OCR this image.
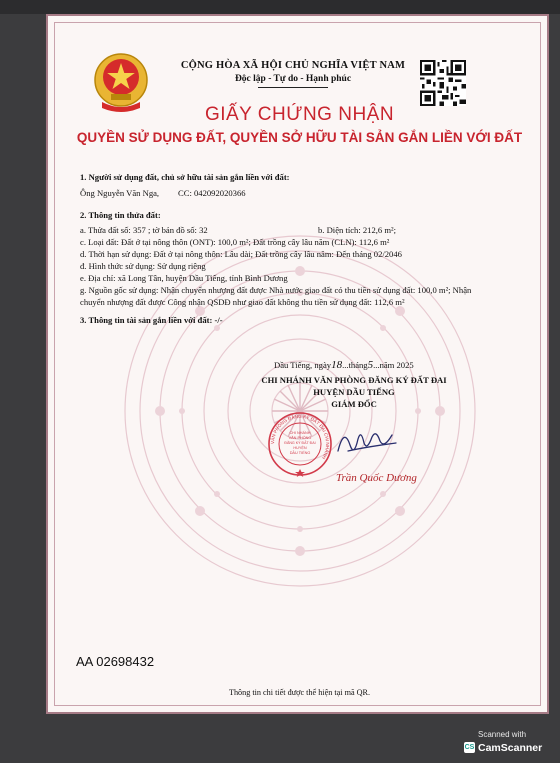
CỘNG HÒA XÃ HỘI CHỦ NGHĨA VIỆT NAM
Độc lập - Tự do - Hạnh phúc
GIẤY CHỨNG NHẬN
QUYỀN SỬ DỤNG ĐẤT, QUYỀN SỞ HỮU TÀI SẢN GẮN LIỀN VỚI ĐẤT
1. Người sử dụng đất, chủ sở hữu tài sản gắn liền với đất:
Ông Nguyễn Văn Nga, CC: 042092020366
2. Thông tin thửa đất:
a. Thửa đất số: 357 ; tờ bản đồ số: 32	b. Diện tích: 212,6 m²;
c. Loại đất: Đất ở tại nông thôn (ONT): 100,0 m²; Đất trồng cây lâu năm (CLN): 112,6 m²
d. Thời hạn sử dụng: Đất ở tại nông thôn: Lâu dài; Đất trồng cây lâu năm: Đến tháng 02/2046
đ. Hình thức sử dụng: Sử dụng riêng
e. Địa chỉ: xã Long Tân, huyện Dầu Tiếng, tỉnh Bình Dương
g. Nguồn gốc sử dụng: Nhận chuyển nhượng đất được Nhà nước giao đất có thu tiền sử dụng đất: 100,0 m²; Nhận
chuyển nhượng đất được Công nhận QSDĐ như giao đất không thu tiền sử dụng đất: 112,6 m²
3. Thông tin tài sản gắn liền với đất: -/-
Dầu Tiếng, ngày18...tháng5...năm 2025
CHI NHÁNH VĂN PHÒNG ĐĂNG KÝ ĐẤT ĐAI
HUYỆN DẦU TIẾNG
GIÁM ĐỐC
VĂN PHÒNG ĐĂNG KÝ ĐẤT ĐAI CHI NHÁNH
CHI NHÁNH
VĂN PHÒNG
ĐĂNG KÝ ĐẤT ĐAI
HUYỆN
DẦU TIẾNG
Trần Quốc Dương
AA 02698432
Thông tin chi tiết được thể hiện tại mã QR.
Scanned with
CS CamScanner
